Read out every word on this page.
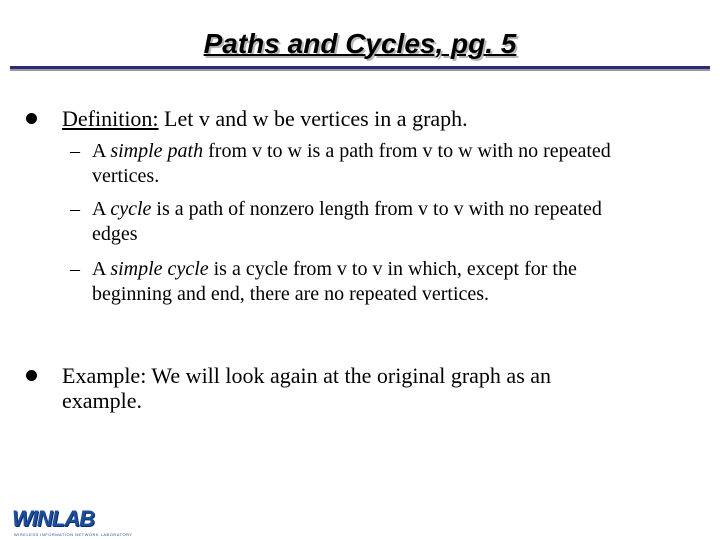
Paths and Cycles, pg. 5
Definition: Let v and w be vertices in a graph.
– A simple path from v to w is a path from v to w with no repeated
vertices.
– A cycle is a path of nonzero length from v to v with no repeated
edges
– A simple cycle is a cycle from v to v in which, except for the
beginning and end, there are no repeated vertices.
Example: We will look again at the original graph as an
example.
WINLAB
WIRELESS INFORMATION NETWORK LABORATORY
